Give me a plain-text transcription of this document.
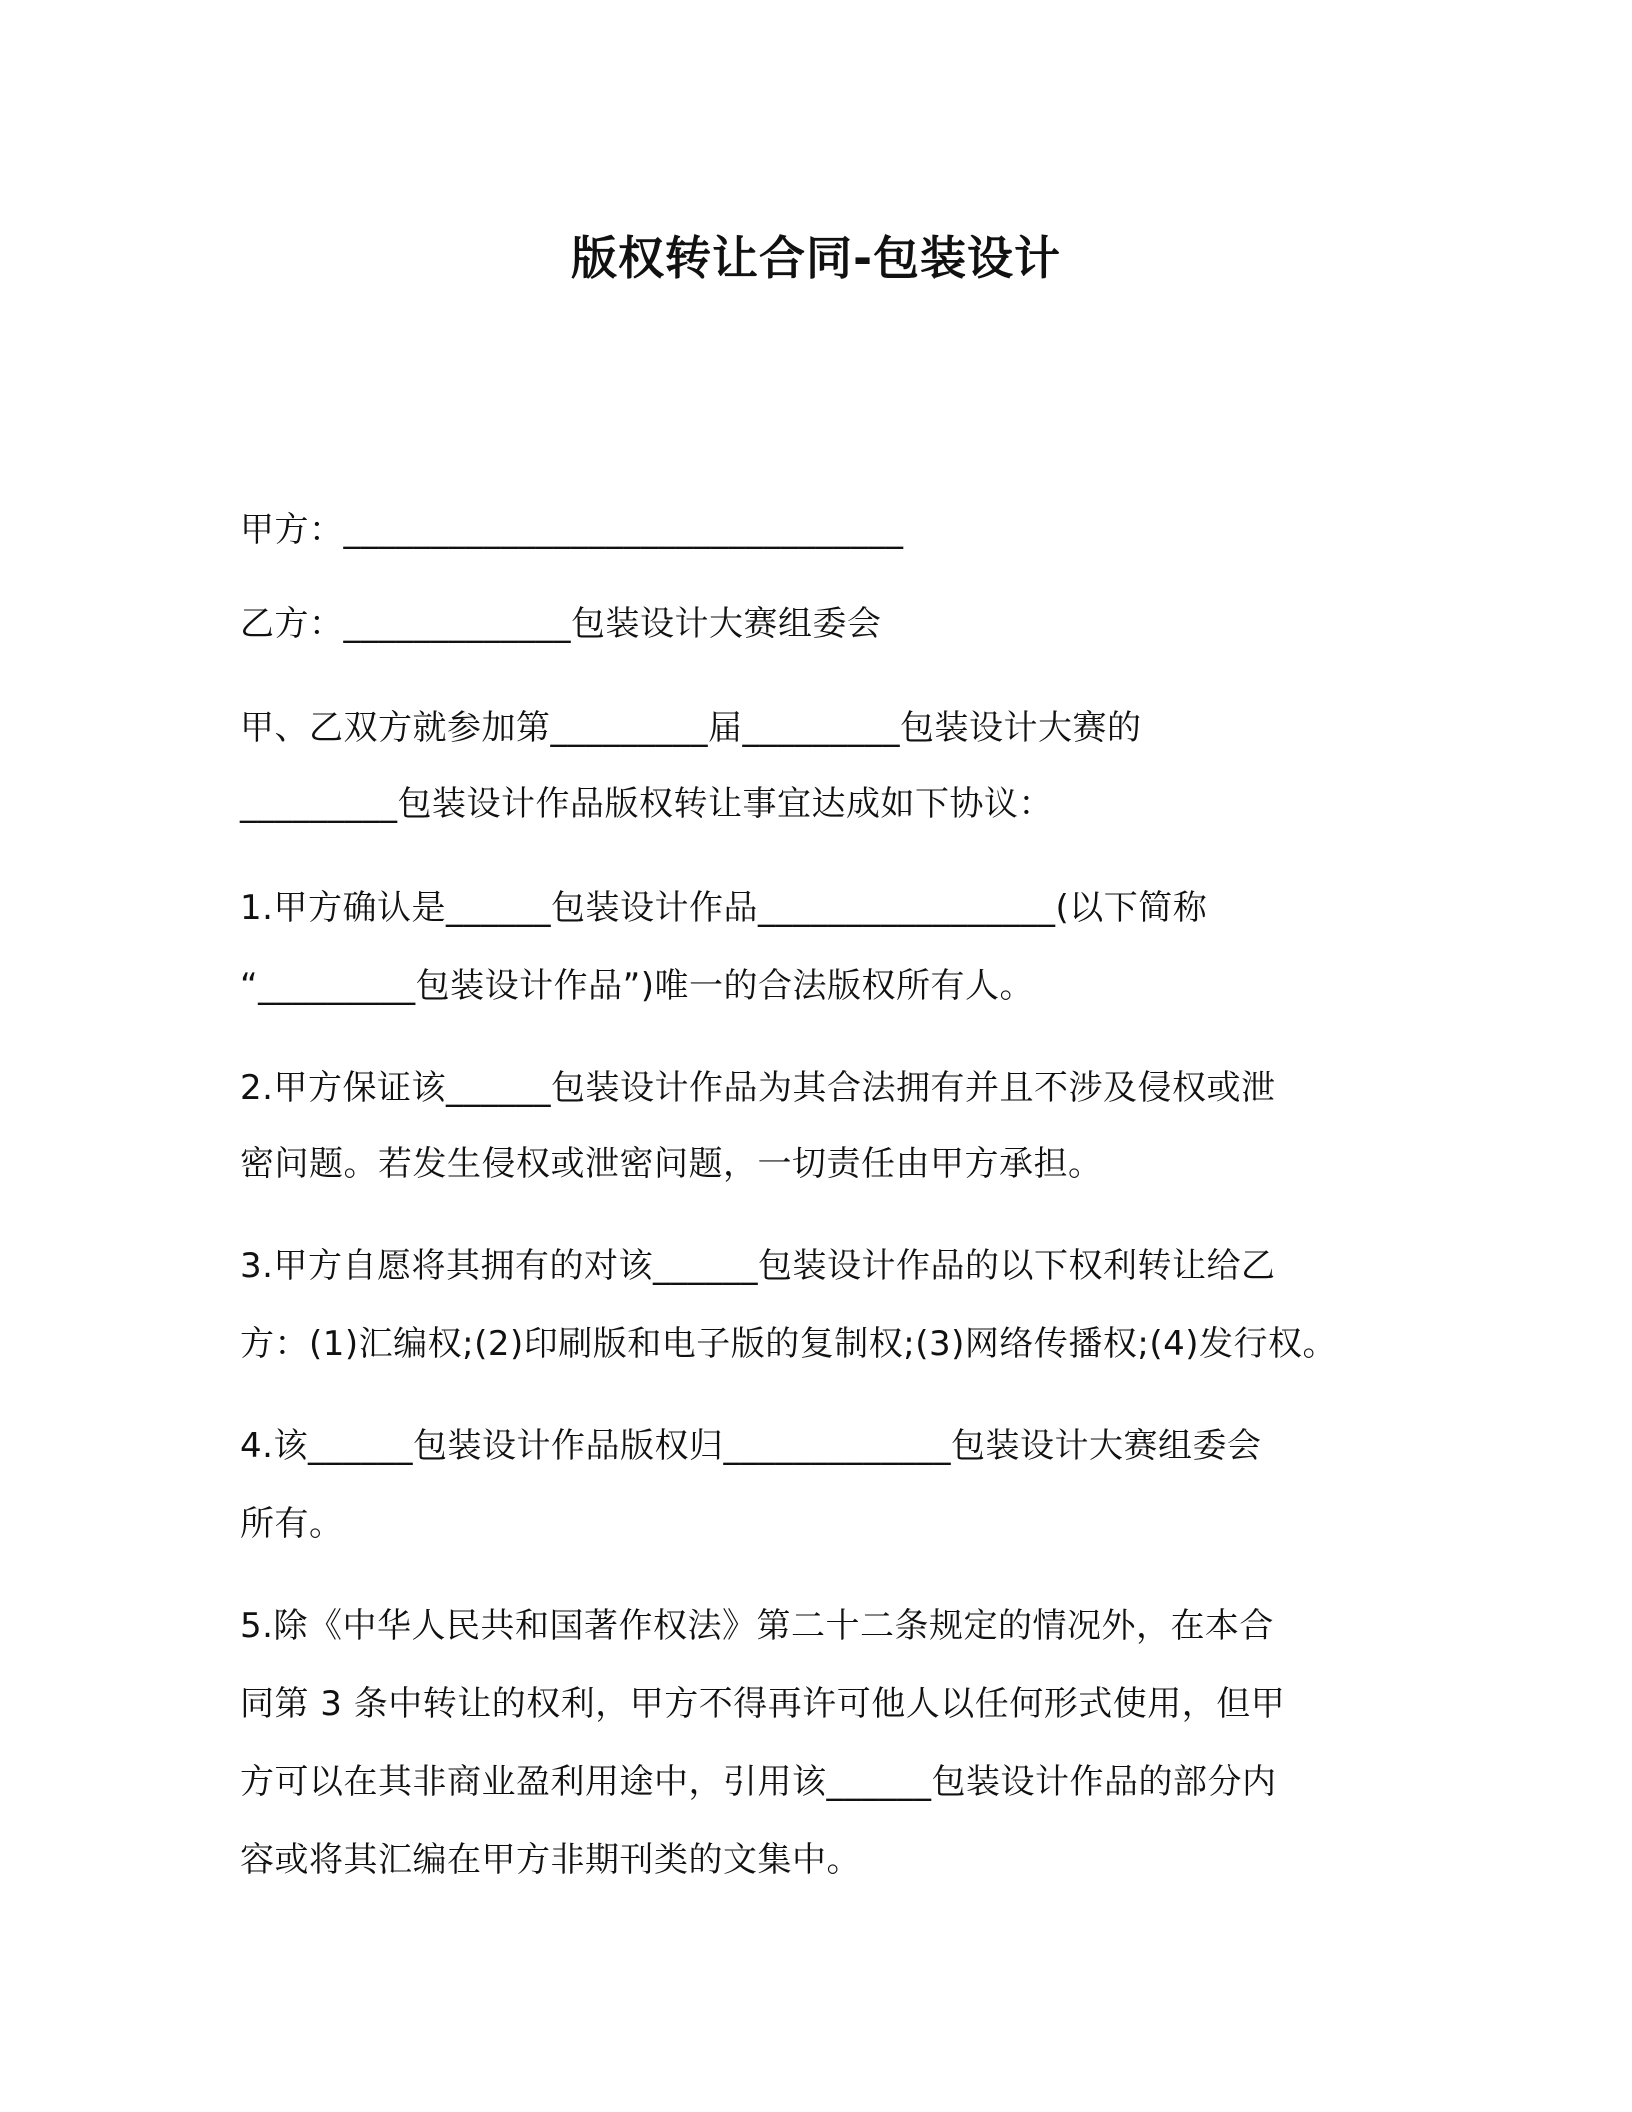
版权转让合同-包装设计
甲方：________________________________
乙方：_____________包装设计大赛组委会
甲、乙双方就参加第_________届_________包装设计大赛的
_________包装设计作品版权转让事宜达成如下协议：
1.甲方确认是______包装设计作品_________________(以下简称
“_________包装设计作品”)唯一的合法版权所有人。
2.甲方保证该______包装设计作品为其合法拥有并且不涉及侵权或泄
密问题。若发生侵权或泄密问题，一切责任由甲方承担。
3.甲方自愿将其拥有的对该______包装设计作品的以下权利转让给乙
方：(1)汇编权;(2)印刷版和电子版的复制权;(3)网络传播权;(4)发行权。
4.该______包装设计作品版权归_____________包装设计大赛组委会
所有。
5.除《中华人民共和国著作权法》第二十二条规定的情况外，在本合
同第 3 条中转让的权利，甲方不得再许可他人以任何形式使用，但甲
方可以在其非商业盈利用途中，引用该______包装设计作品的部分内
容或将其汇编在甲方非期刊类的文集中。
